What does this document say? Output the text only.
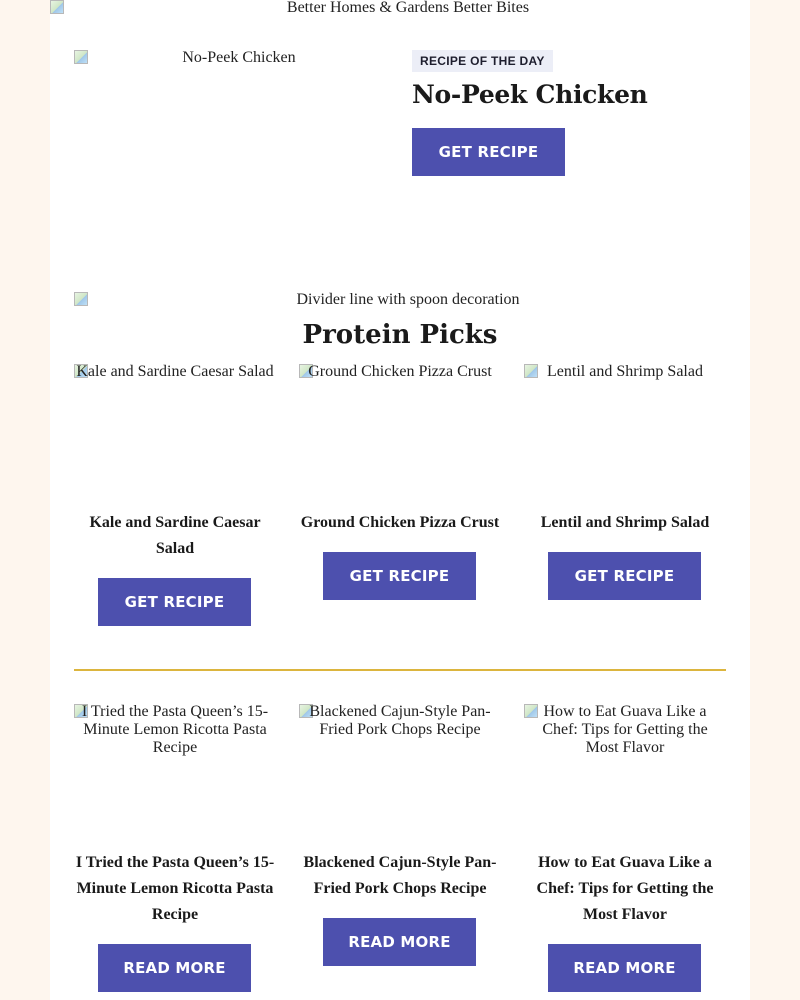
Better Homes & Gardens Better Bites
No-Peek Chicken	RECIPE OF THE DAY
No-Peek Chicken
GET RECIPE
Divider line with spoon decoration
Protein Picks
Kale and Sardine Caesar Salad
Kale and Sardine Caesar Salad
GET RECIPE
Ground Chicken Pizza Crust
Ground Chicken Pizza Crust
GET RECIPE
Lentil and Shrimp Salad
Lentil and Shrimp Salad
GET RECIPE
I Tried the Pasta Queen’s 15-Minute Lemon Ricotta Pasta Recipe
I Tried the Pasta Queen’s 15-Minute Lemon Ricotta Pasta Recipe
READ MORE
Blackened Cajun-Style Pan-Fried Pork Chops Recipe
Blackened Cajun-Style Pan-Fried Pork Chops Recipe
READ MORE
How to Eat Guava Like a Chef: Tips for Getting the Most Flavor
How to Eat Guava Like a Chef: Tips for Getting the Most Flavor
READ MORE
